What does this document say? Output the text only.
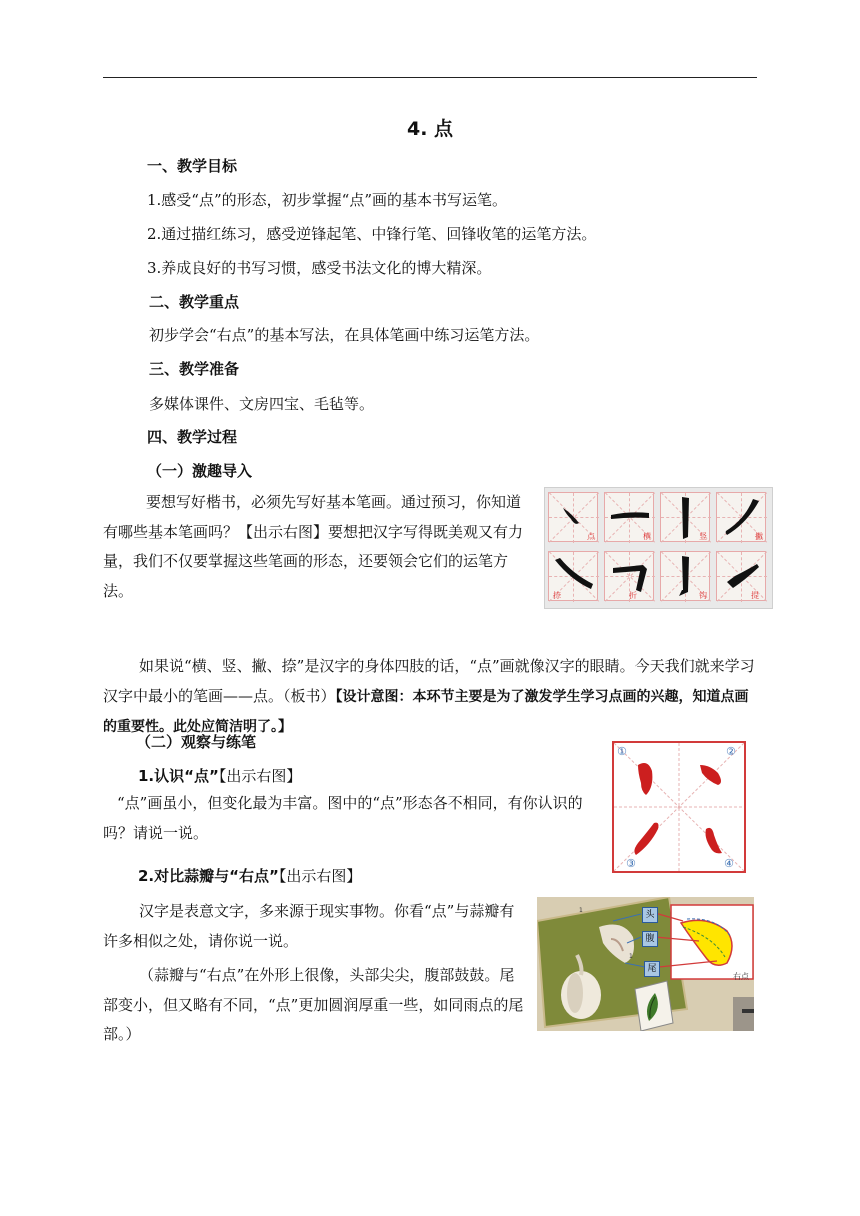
4. 点
一、教学目标
1.感受“点”的形态，初步掌握“点”画的基本书写运笔。
2.通过描红练习，感受逆锋起笔、中锋行笔、回锋收笔的运笔方法。
3.养成良好的书写习惯，感受书法文化的博大精深。
二、教学重点
初步学会“右点”的基本写法，在具体笔画中练习运笔方法。
三、教学准备
多媒体课件、文房四宝、毛毡等。
四、教学过程
（一）激趣导入
要想写好楷书，必须先写好基本笔画。通过预习，你知道有哪些基本笔画吗？【出示右图】要想把汉字写得既美观又有力量，我们不仅要掌握这些笔画的形态，还要领会它们的运笔方法。
点	横	竖	撇
捺	折	钩	提
如果说“横、竖、撇、捺”是汉字的身体四肢的话，“点”画就像汉字的眼睛。今天我们就来学习汉字中最小的笔画——点。（板书）【设计意图：本环节主要是为了激发学生学习点画的兴趣，知道点画的重要性。此处应简洁明了。】
（二）观察与练笔
1.认识“点”【出示右图】
“点”画虽小，但变化最为丰富。图中的“点”形态各不相同，有你认识的吗？请说一说。
①	②
③	④
2.对比蒜瓣与“右点”【出示右图】
汉字是表意文字，多来源于现实事物。你看“点”与蒜瓣有许多相似之处，请你说一说。
（蒜瓣与“右点”在外形上很像，头部尖尖，腹部鼓鼓。尾部变小，但又略有不同，“点”更加圆润厚重一些，如同雨点的尾部。）
头
腹
尾
右点
1
1
